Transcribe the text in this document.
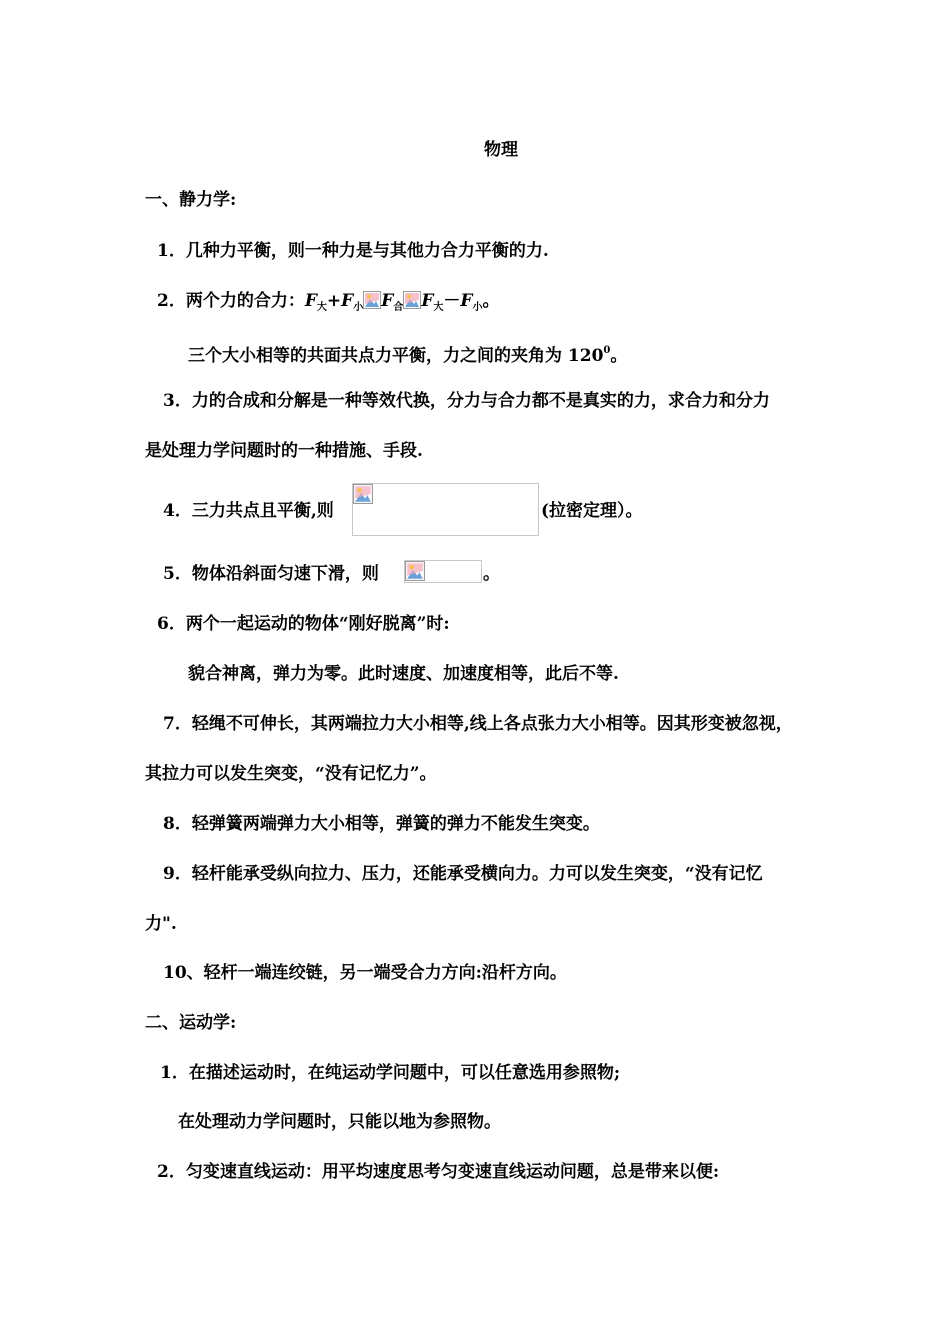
物理
一、静力学:
1．几种力平衡，则一种力是与其他力合力平衡的力.
2．两个力的合力：$F_大+F_小$ $F_合$ $F_大-F_小$。
三个大小相等的共面共点力平衡，力之间的夹角为 $120^0$。
3．力的合成和分解是一种等效代换，分力与合力都不是真实的力，求合力和分力
是处理力学问题时的一种措施、手段.
4．三力共点且平衡,则	(拉密定理）。
5．物体沿斜面匀速下滑，则	。
6．两个一起运动的物体“刚好脱离”时:
貌合神离，弹力为零。此时速度、加速度相等，此后不等.
7．轻绳不可伸长，其两端拉力大小相等,线上各点张力大小相等。因其形变被忽视，
其拉力可以发生突变，“没有记忆力”。
8．轻弹簧两端弹力大小相等，弹簧的弹力不能发生突变。
9．轻杆能承受纵向拉力、压力，还能承受横向力。力可以发生突变，“没有记忆
力".
10、轻杆一端连绞链，另一端受合力方向:沿杆方向。
二、运动学:
1．在描述运动时，在纯运动学问题中，可以任意选用参照物;
在处理动力学问题时，只能以地为参照物。
2．匀变速直线运动：用平均速度思考匀变速直线运动问题，总是带来以便:
